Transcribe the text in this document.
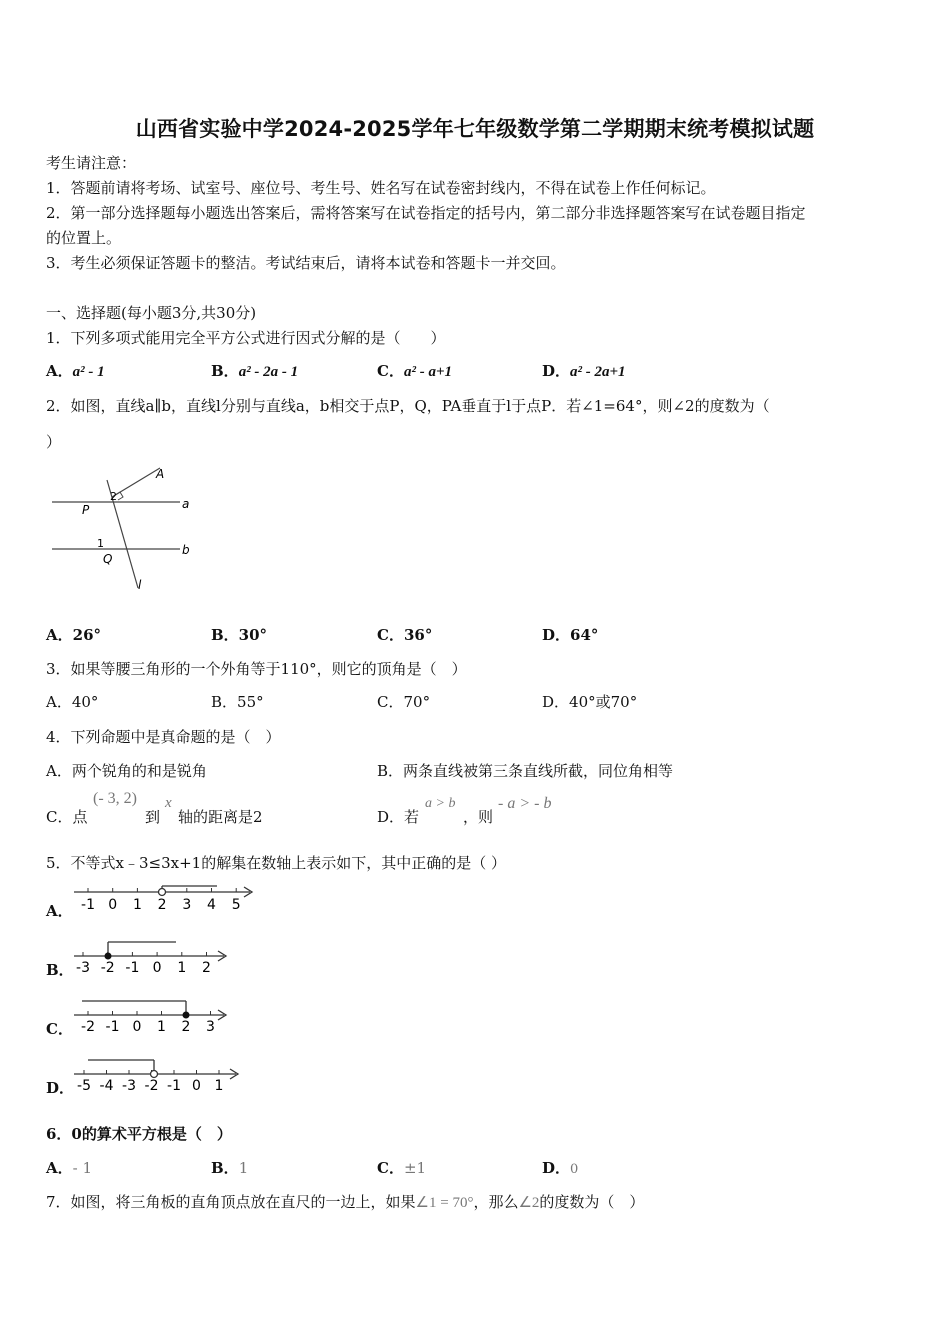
山西省实验中学2024-2025学年七年级数学第二学期期末统考模拟试题
考生请注意：
1．答题前请将考场、试室号、座位号、考生号、姓名写在试卷密封线内，不得在试卷上作任何标记。
2．第一部分选择题每小题选出答案后，需将答案写在试卷指定的括号内，第二部分非选择题答案写在试卷题目指定
的位置上。
3．考生必须保证答题卡的整洁。考试结束后，请将本试卷和答题卡一并交回。
一、选择题(每小题3分,共30分)
1．下列多项式能用完全平方公式进行因式分解的是（　　）
A．a² - 1	B．a² - 2a - 1	C．a² - a+1	D．a² - 2a+1
2．如图，直线a∥b，直线l分别与直线a，b相交于点P，Q，PA垂直于l于点P．若∠1=64°，则∠2的度数为（
）
A
2
P	a
1
Q
b
l
A．26°	B．30°	C．36°	D．64°
3．如果等腰三角形的一个外角等于110°，则它的顶角是（　）
A．40°	B．55°	C．70°	D．40°或70°
4．下列命题中是真命题的是（　）
A．两个锐角的和是锐角	B．两条直线被第三条直线所截，同位角相等
C．点
(- 3, 2)
到
x
轴的距离是2	D．若
a > b
，则
- a > - b
5．不等式x﹣3≤3x+1的解集在数轴上表示如下，其中正确的是（ ）
A． -1 0 1 2 3 4 5
B． -3 -2 -1 0 1 2
C． -2 -1 0 1 2 3
D． -5 -4 -3 -2 -1 0 1
6．0的算术平方根是（　）
A．- 1	B．1	C．±1	D．0
7．如图，将三角板的直角顶点放在直尺的一边上，如果∠1 = 70°，那么∠2的度数为（　）
